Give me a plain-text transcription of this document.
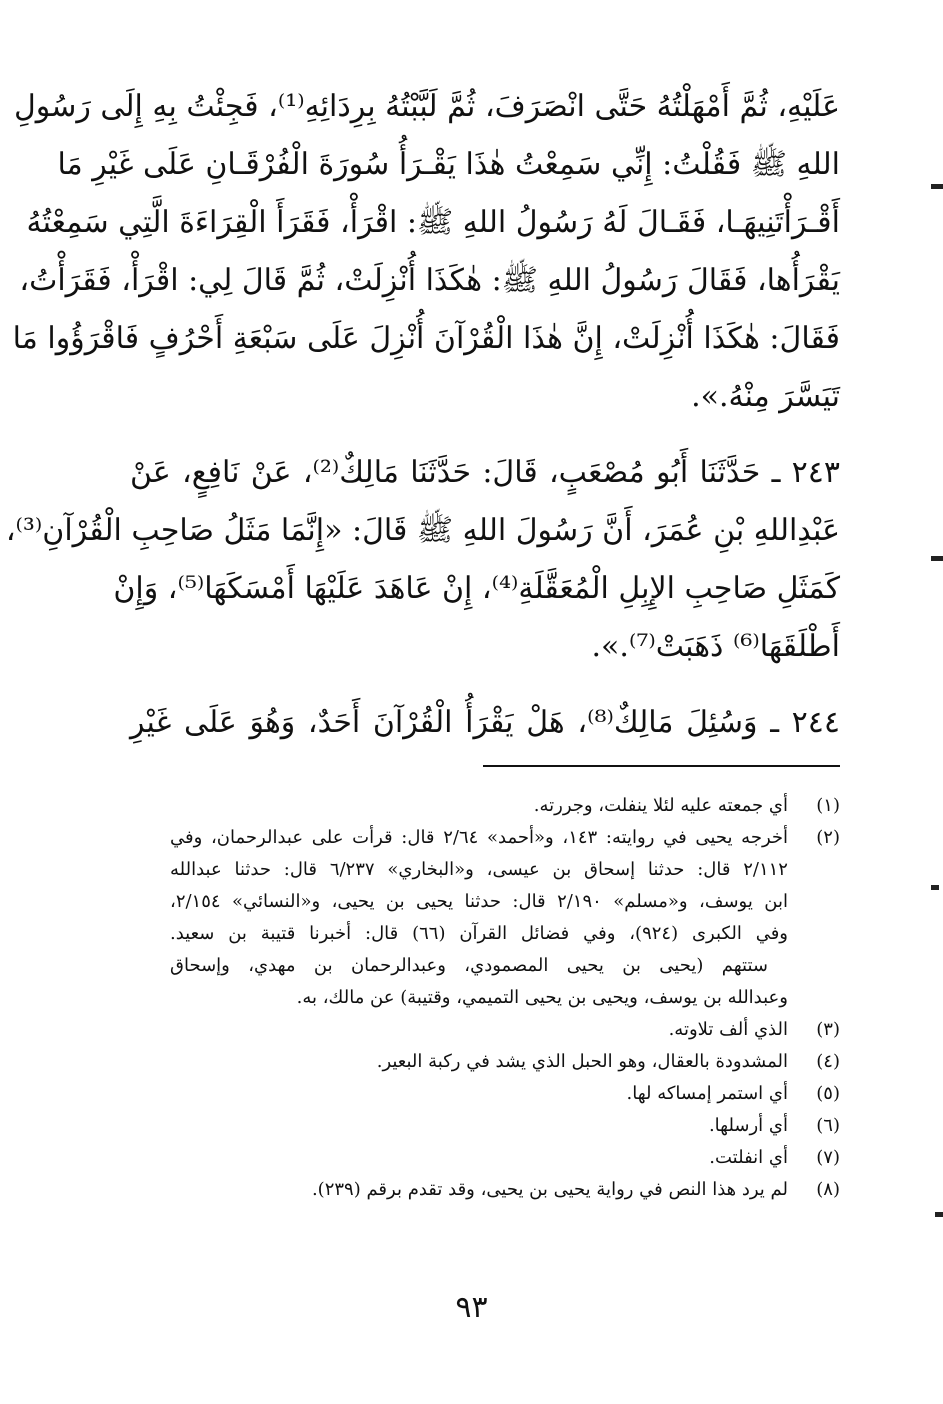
عَلَيْهِ، ثُمَّ أَمْهَلْتُهُ حَتَّى انْصَرَفَ، ثُمَّ لَبَّبْتُهُ بِرِدَائِهِ⁽¹⁾، فَجِئْتُ بِهِ إِلَى رَسُولِ
اللهِ ﷺ فَقُلْتُ: إِنِّي سَمِعْتُ هٰذَا يَقْـرَأُ سُورَةَ الْفُرْقَـانِ عَلَى غَيْرِ مَا
أَقْـرَأْتَنِيهَـا، فَقَـالَ لَهُ رَسُولُ اللهِ ﷺ: اقْرَأْ، فَقَرَأَ الْقِرَاءَةَ الَّتِي سَمِعْتُهُ
يَقْرَأُها، فَقَالَ رَسُولُ اللهِ ﷺ: هٰكَذَا أُنْزِلَتْ، ثُمَّ قَالَ لِي: اقْرَأْ، فَقَرَأْتُ،
فَقَالَ: هٰكَذَا أُنْزِلَتْ، إِنَّ هٰذَا الْقُرْآنَ أُنْزِلَ عَلَى سَبْعَةِ أَحْرُفٍ فَاقْرَؤُوا مَا
تَيَسَّرَ مِنْهُ.».
٢٤٣ ـ حَدَّثَنَا أَبُو مُصْعَبٍ، قَالَ: حَدَّثَنَا مَالِكٌ⁽²⁾، عَنْ نَافِعٍ، عَنْ
عَبْدِاللهِ بْنِ عُمَرَ، أَنَّ رَسُولَ اللهِ ﷺ قَالَ: «إِنَّمَا مَثَلُ صَاحِبِ الْقُرْآنِ⁽³⁾،
كَمَثَلِ صَاحِبِ الإِبِلِ الْمُعَقَّلَةِ⁽⁴⁾، إِنْ عَاهَدَ عَلَيْهَا أَمْسَكَهَا⁽⁵⁾، وَإِنْ
أَطْلَقَهَا⁽⁶⁾ ذَهَبَتْ⁽⁷⁾.».
٢٤٤ ـ وَسُئِلَ مَالِكٌ⁽⁸⁾، هَلْ يَقْرَأُ الْقُرْآنَ أَحَدٌ، وَهُوَ عَلَى غَيْرِ
(١)
أي جمعته عليه لئلا ينفلت، وجررته.
(٢)
أخرجه يحيى في روايته: ١٤٣، و«أحمد» ٢/٦٤ قال: قرأت على عبدالرحمان، وفي
٢/١١٢ قال: حدثنا إسحاق بن عيسى، و«البخاري» ٦/٢٣٧ قال: حدثنا عبدالله
ابن يوسف، و«مسلم» ٢/١٩٠ قال: حدثنا يحيى بن يحيى، و«النسائي» ٢/١٥٤،
وفي الكبرى (٩٢٤)، وفي فضائل القرآن (٦٦) قال: أخبرنا قتيبة بن سعيد.
ستتهم (يحيى بن يحيى المصمودي، وعبدالرحمان بن مهدي، وإسحاق
وعبدالله بن يوسف، ويحيى بن يحيى التميمي، وقتيبة) عن مالك، به.
(٣)
الذي ألف تلاوته.
(٤)
المشدودة بالعقال، وهو الحبل الذي يشد في ركبة البعير.
(٥)
أي استمر إمساكه لها.
(٦)
أي أرسلها.
(٧)
أي انفلتت.
(٨)
لم يرد هذا النص في رواية يحيى بن يحيى، وقد تقدم برقم (٢٣٩).
٩٣
